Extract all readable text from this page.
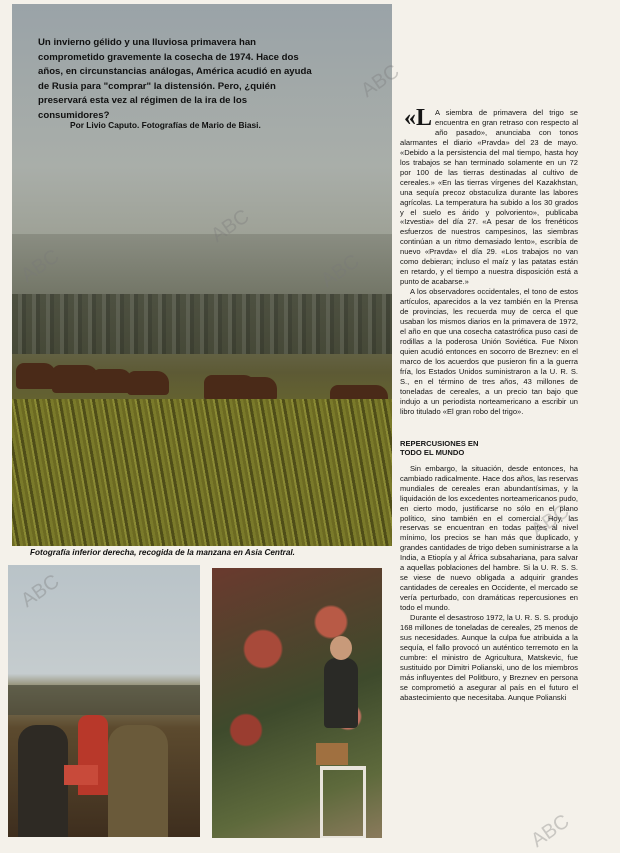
Un invierno gélido y una lluviosa primavera han comprometido gravemente la cosecha de 1974. Hace dos años, en circunstancias análogas, América acudió en ayuda de Rusia para "comprar" la distensión. Pero, ¿quién preservará esta vez al régimen de la ira de los consumidores?
Por Livio Caputo. Fotografías de Mario de Biasi.
Fotografía inferior derecha, recogida de la manzana en Asia Central.

«L A siembra de primavera del trigo se encuentra en gran retraso con respecto al año pasado», anunciaba con tonos alarmantes el diario «Pravda» del 23 de mayo. «Debido a la persistencia del mal tiempo, hasta hoy los trabajos se han terminado solamente en un 72 por 100 de las tierras destinadas al cultivo de cereales.» «En las tierras vírgenes del Kazakhstan, una sequía precoz obstaculiza durante las labores agrícolas. La temperatura ha subido a los 30 grados y el suelo es árido y polvoriento», publicaba «Izvestia» del día 27. «A pesar de los frenéticos esfuerzos de nuestros campesinos, las siembras continúan a un ritmo demasiado lento», escribía de nuevo «Pravda» el día 29. «Los trabajos no van como debieran; incluso el maíz y las patatas están en retardo, y el tiempo a nuestra disposición está a punto de acabarse.»

A los observadores occidentales, el tono de estos artículos, aparecidos a la vez también en la Prensa de provincias, les recuerda muy de cerca el que usaban los mismos diarios en la primavera de 1972, el año en que una cosecha catastrófica puso casi de rodillas a la poderosa Unión Soviética. Fue Nixon quien acudió entonces en socorro de Breznev: en el marco de los acuerdos que pusieron fin a la guerra fría, los Estados Unidos suministraron a la U. R. S. S., en el término de tres años, 43 millones de toneladas de cereales, a un precio tan bajo que indujo a un periodista norteamericano a escribir un libro titulado «El gran robo del trigo».

REPERCUSIONES EN
TODO EL MUNDO

Sin embargo, la situación, desde entonces, ha cambiado radicalmente. Hace dos años, las reservas mundiales de cereales eran abundantísimas, y la liquidación de los excedentes norteamericanos pudo, en cierto modo, justificarse no sólo en el plano político, sino también en el comercial. Hoy, las reservas se encuentran en todas partes al nivel mínimo, los precios se han más que duplicado, y grandes cantidades de trigo deben suministrarse a la India, a Etiopía y al África subsahariana, para salvar a aquellas poblaciones del hambre. Si la U. R. S. S. se viese de nuevo obligada a adquirir grandes cantidades de cereales en Occidente, el mercado se vería perturbado, con dramáticas repercusiones en todo el mundo.

Durante el desastroso 1972, la U. R. S. S. produjo 168 millones de toneladas de cereales, 25 menos de sus necesidades. Aunque la culpa fue atribuida a la sequía, el fallo provocó un auténtico terremoto en la cumbre: el ministro de Agricultura, Matskevic, fue sustituido por Dimitri Polianski, uno de los miembros más influyentes del Politburo, y Breznev en persona se comprometió a asegurar al país en el futuro el abastecimiento que necesitaba. Aunque Polianski

ABC
ABC
ABC	ABC
ABC
ABC
ABC
